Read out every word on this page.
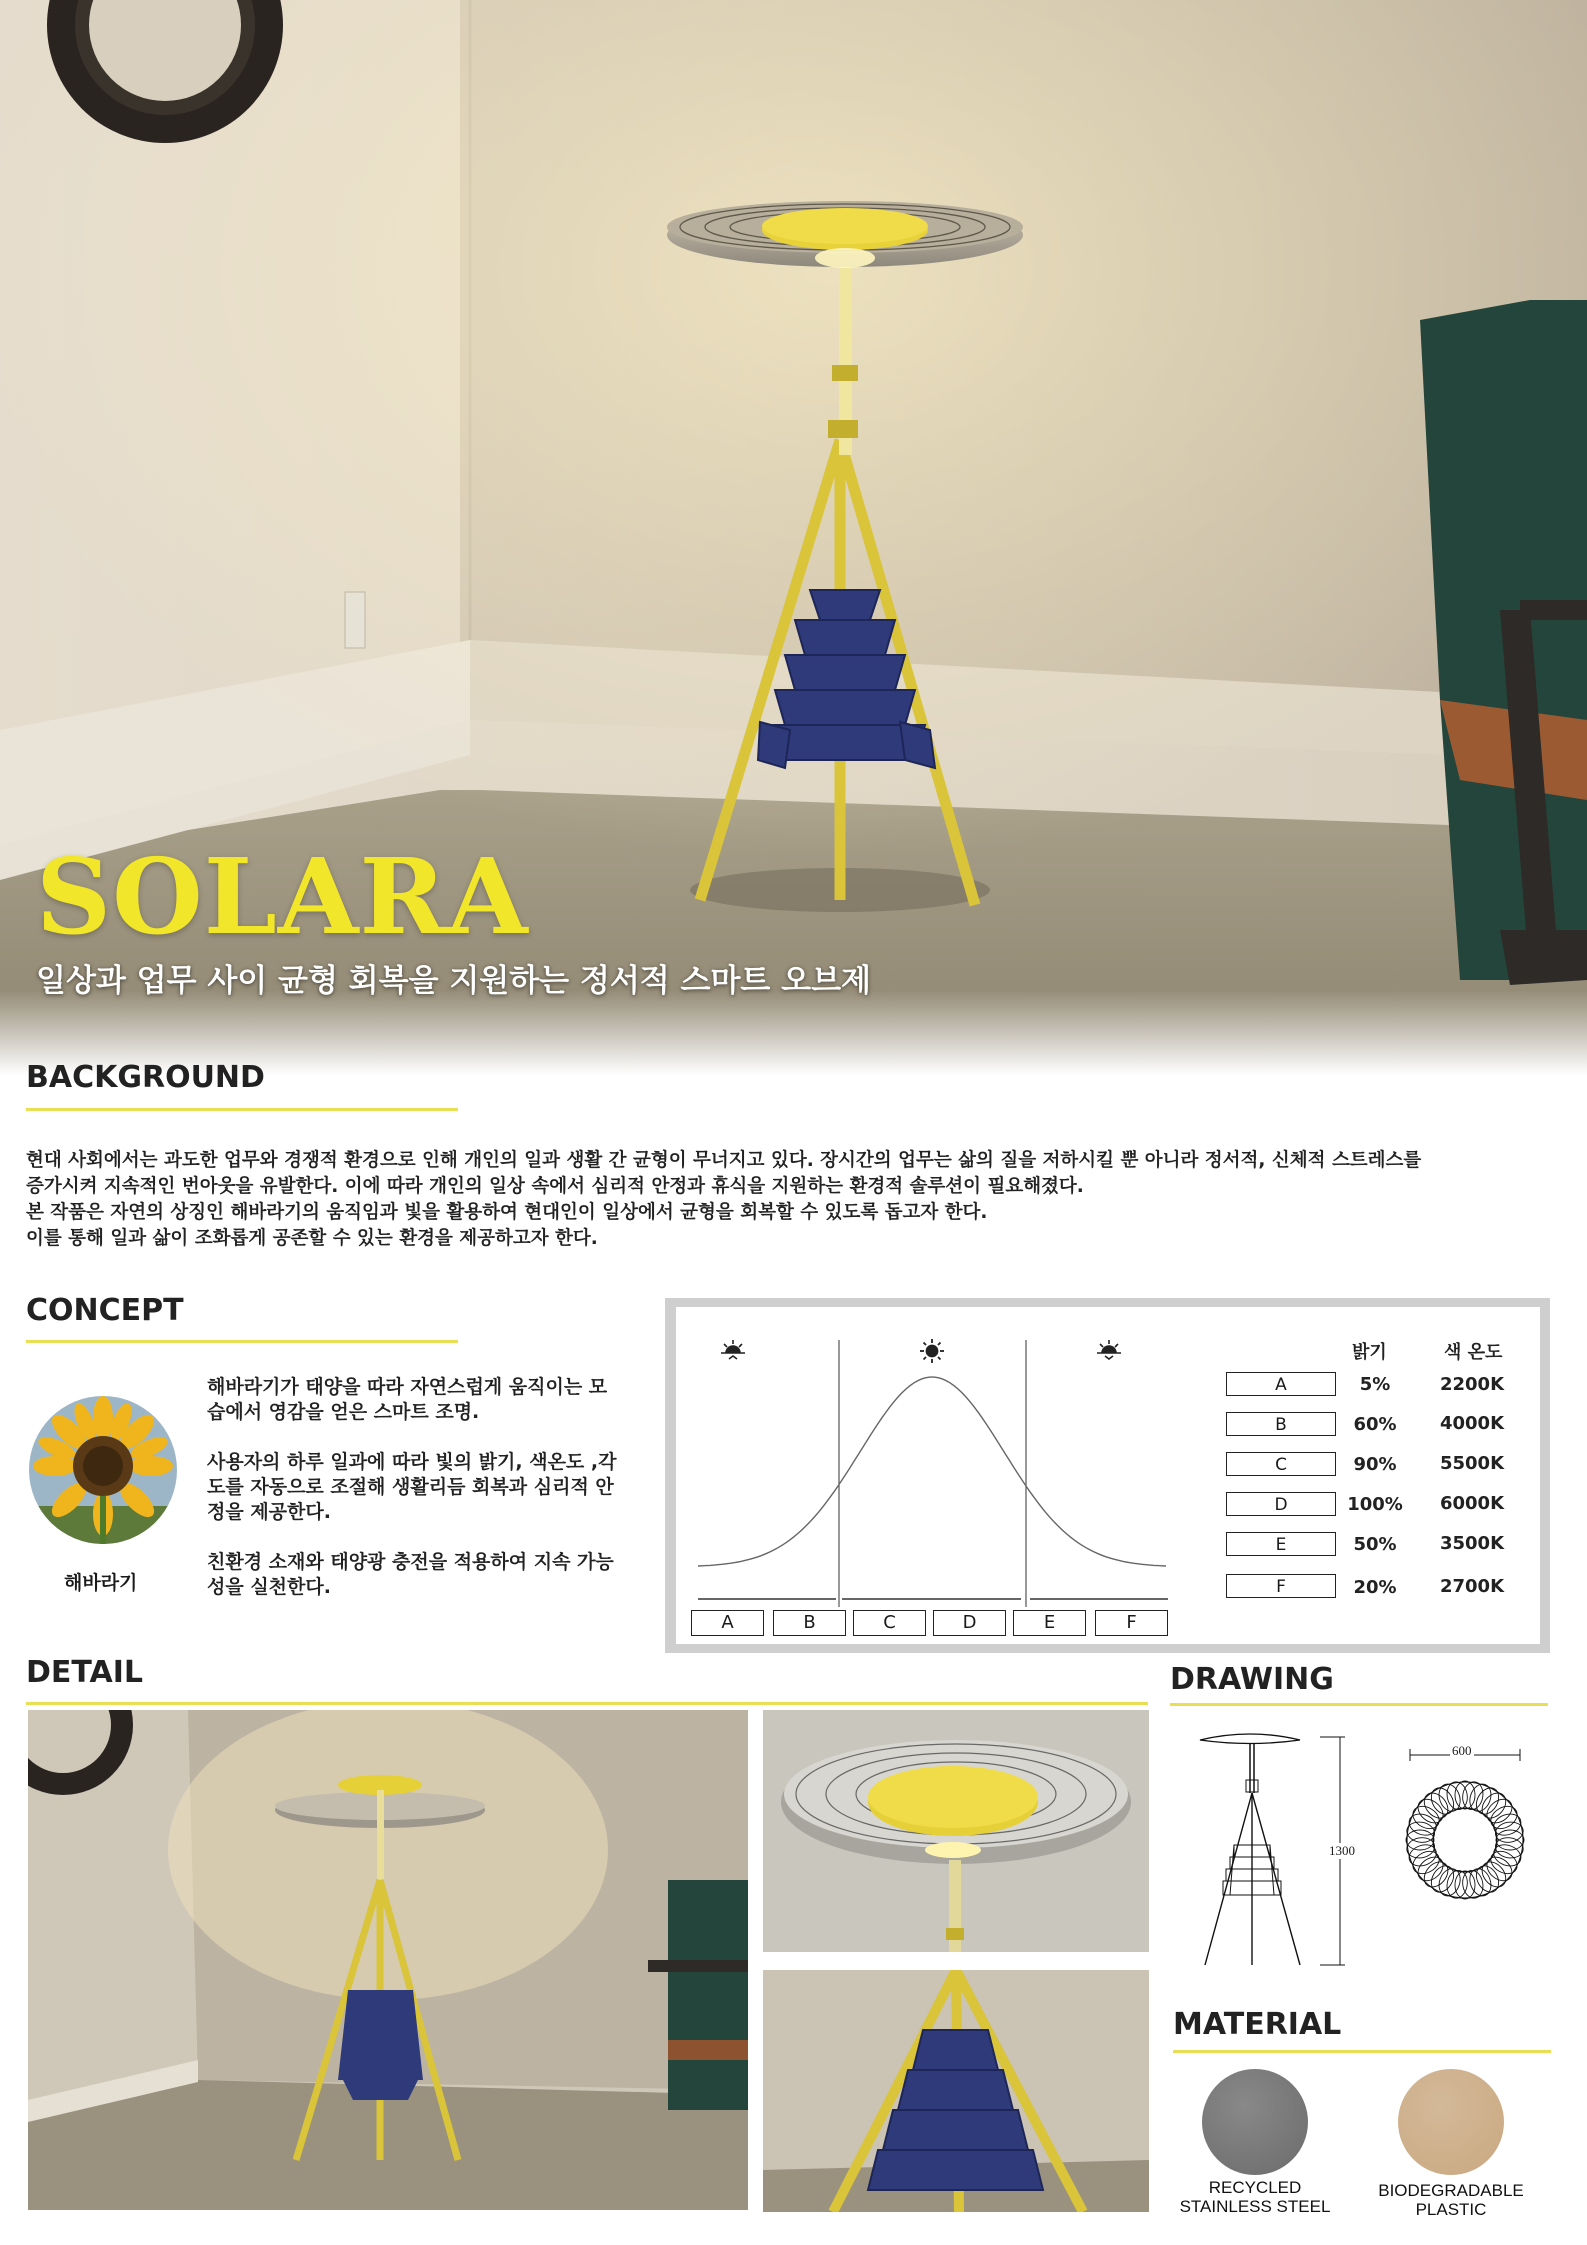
SOLARA
일상과 업무 사이 균형 회복을 지원하는 정서적 스마트 오브제
BACKGROUND
현대 사회에서는 과도한 업무와 경쟁적 환경으로 인해 개인의 일과 생활 간 균형이 무너지고 있다. 장시간의 업무는 삶의 질을 저하시킬 뿐 아니라 정서적, 신체적 스트레스를
증가시켜 지속적인 번아웃을 유발한다. 이에 따라 개인의 일상 속에서 심리적 안정과 휴식을 지원하는 환경적 솔루션이 필요해졌다.
본 작품은 자연의 상징인 해바라기의 움직임과 빛을 활용하여 현대인이 일상에서 균형을 회복할 수 있도록 돕고자 한다.
이를 통해 일과 삶이 조화롭게 공존할 수 있는 환경을 제공하고자 한다.
CONCEPT
해바라기

해바라기가 태양을 따라 자연스럽게 움직이는 모습에서 영감을 얻은 스마트 조명.

사용자의 하루 일과에 따라 빛의 밝기, 색온도 ,각도를 자동으로 조절해 생활리듬 회복과 심리적 안정을 제공한다.

친환경 소재와 태양광 충전을 적용하여 지속 가능성을 실천한다.

A	B	C	D	E	F
밝기	색 온도
A	5%	2200K
B	60%	4000K
C	90%	5500K
D	100%	6000K
E	50%	3500K
F	20%	2700K
DETAIL	DRAWING
1300
600
MATERIAL
RECYCLED
STAINLESS STEEL
BIODEGRADABLE
PLASTIC
